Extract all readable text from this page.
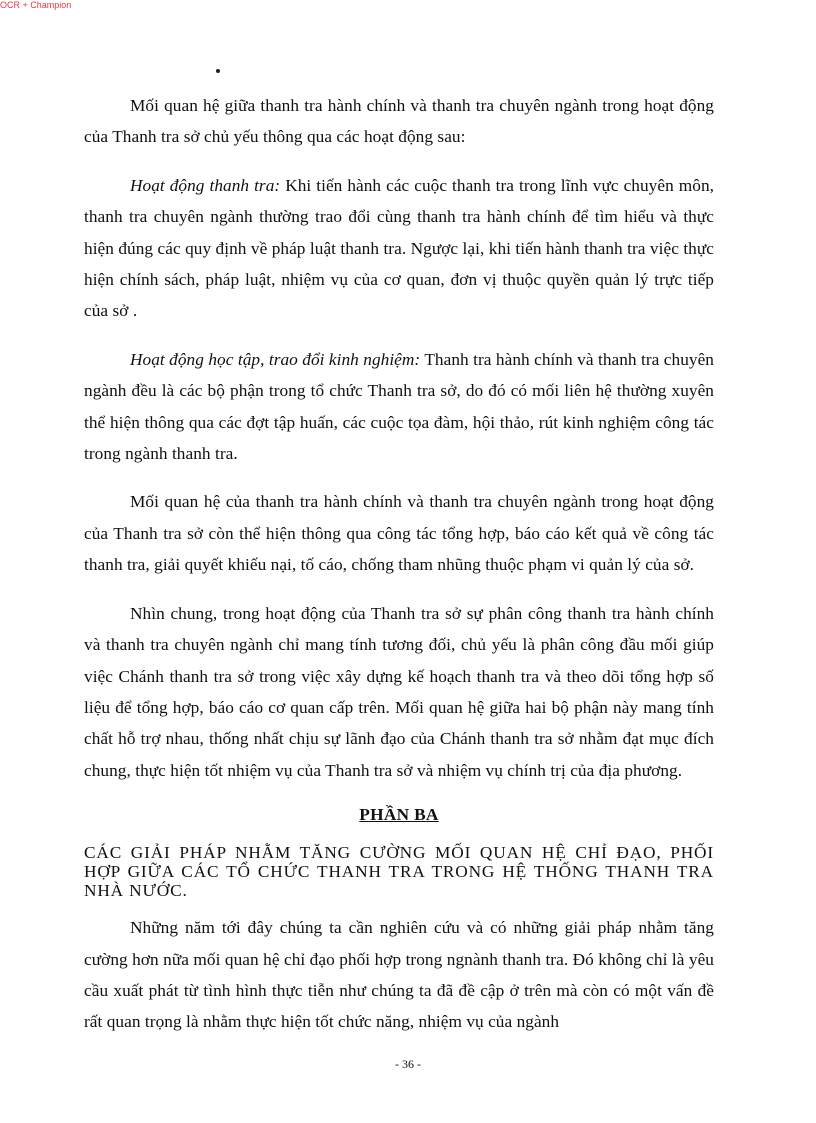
OCR + Champion

Mối quan hệ giữa thanh tra hành chính và thanh tra chuyên ngành trong hoạt động của Thanh tra sở chủ yếu thông qua các hoạt động sau:

Hoạt động thanh tra: Khi tiến hành các cuộc thanh tra trong lĩnh vực chuyên môn, thanh tra chuyên ngành thường trao đổi cùng thanh tra hành chính để tìm hiểu và thực hiện đúng các quy định về pháp luật thanh tra. Ngược lại, khi tiến hành thanh tra việc thực hiện chính sách, pháp luật, nhiệm vụ của cơ quan, đơn vị thuộc quyền quản lý trực tiếp của sở .

Hoạt động học tập, trao đổi kinh nghiệm: Thanh tra hành chính và thanh tra chuyên ngành đều là các bộ phận trong tổ chức Thanh tra sở, do đó có mối liên hệ thường xuyên thể hiện thông qua các đợt tập huấn, các cuộc tọa đàm, hội thảo, rút kinh nghiệm công tác trong ngành thanh tra.

Mối quan hệ của thanh tra hành chính và thanh tra chuyên ngành trong hoạt động của Thanh tra sở còn thể hiện thông qua công tác tổng hợp, báo cáo kết quả về công tác thanh tra, giải quyết khiếu nại, tố cáo, chống tham nhũng thuộc phạm vi quản lý của sở.

Nhìn chung, trong hoạt động của Thanh tra sở sự phân công thanh tra hành chính và thanh tra chuyên ngành chỉ mang tính tương đối, chủ yếu là phân công đầu mối giúp việc Chánh thanh tra sở trong việc xây dựng kế hoạch thanh tra và theo dõi tổng hợp số liệu để tổng hợp, báo cáo cơ quan cấp trên. Mối quan hệ giữa hai bộ phận này mang tính chất hỗ trợ nhau, thống nhất chịu sự lãnh đạo của Chánh thanh tra sở nhằm đạt mục đích chung, thực hiện tốt nhiệm vụ của Thanh tra sở và nhiệm vụ chính trị của địa phương.

PHẦN BA
CÁC GIẢI PHÁP NHẰM TĂNG CƯỜNG MỐI QUAN HỆ CHỈ ĐẠO, PHỐI HỢP GIỮA CÁC TỔ CHỨC THANH TRA TRONG HỆ THỐNG THANH TRA NHÀ NƯỚC.

Những năm tới đây chúng ta cần nghiên cứu và có những giải pháp nhằm tăng cường hơn nữa mối quan hệ chỉ đạo phối hợp trong ngnành thanh tra. Đó không chỉ là yêu cầu xuất phát từ tình hình thực tiễn như chúng ta đã đề cập ở trên mà còn có một vấn đề rất quan trọng là nhằm thực hiện tốt chức năng, nhiệm vụ của ngành

- 36 -
